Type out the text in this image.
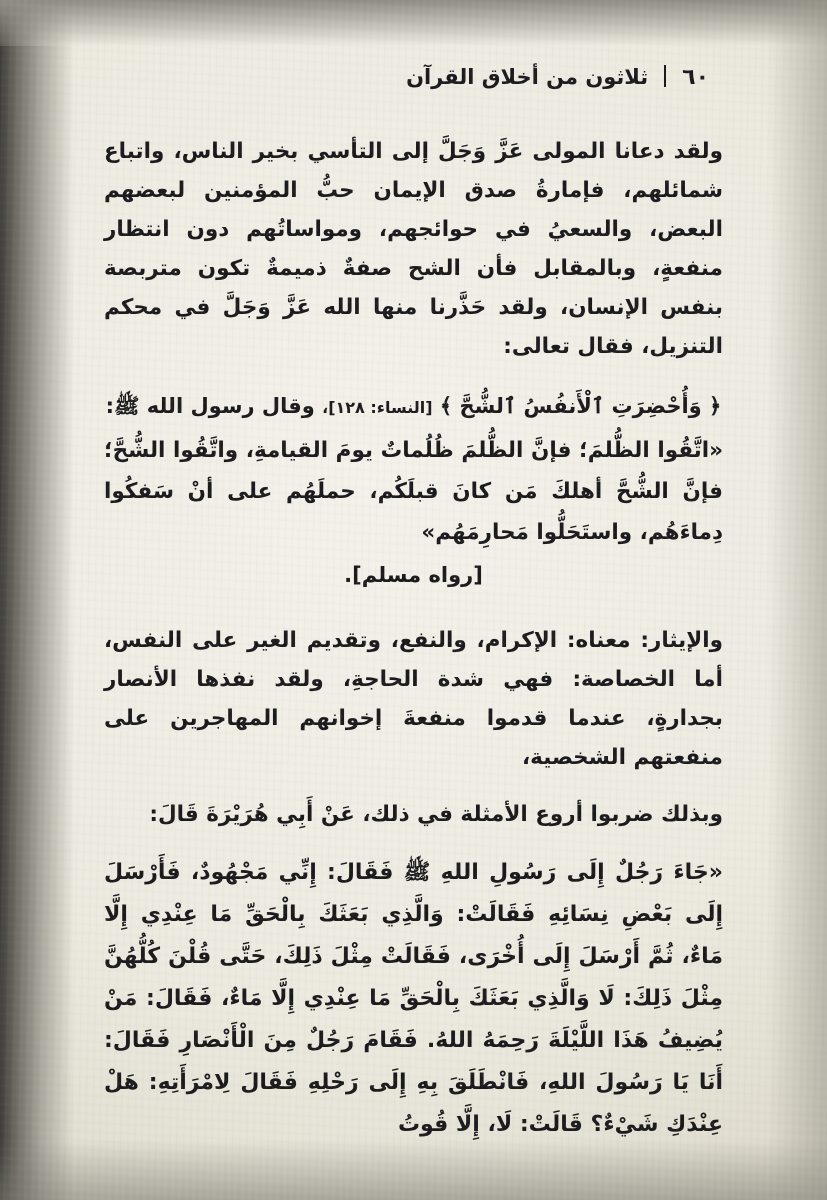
٦٠
ثلاثون من أخلاق القرآن

ولقد دعانا المولى عَزَّ وَجَلَّ إلى التأسي بخير الناس، واتباع شمائلهم، فإمارةُ صدق الإيمان حبُّ المؤمنين لبعضهم البعض، والسعيُ في حوائجهم، ومواساتُهم دون انتظار منفعةٍ، وبالمقابل فأن الشح صفةٌ ذميمةٌ تكون متربصة بنفس الإنسان، ولقد حَذَّرنا منها الله عَزَّ وَجَلَّ في محكم التنزيل، فقال تعالى:

﴿ وَأُحْضِرَتِ ٱلْأَنفُسُ ٱلشُّحَّ ﴾ [النساء: ١٢٨]، وقال رسول الله ﷺ:

«اتَّقُوا الظُّلمَ؛ فإنَّ الظُّلمَ ظُلُماتٌ يومَ القيامةِ، واتَّقُوا الشُّحَّ؛ فإنَّ الشُّحَّ أهلكَ مَن كانَ قبلَكُم، حملَهُم على أنْ سَفكُوا دِماءَهُم، واستَحَلُّوا مَحارِمَهُم»

[رواه مسلم].

والإيثار: معناه: الإكرام، والنفع، وتقديم الغير على النفس، أما الخصاصة: فهي شدة الحاجةِ، ولقد نفذها الأنصار بجدارةٍ، عندما قدموا منفعةَ إخوانهم المهاجرين على منفعتهم الشخصية،

وبذلك ضربوا أروع الأمثلة في ذلك، عَنْ أَبِي هُرَيْرَةَ قَالَ:

«جَاءَ رَجُلٌ إِلَى رَسُولِ اللهِ ﷺ فَقَالَ: إِنِّي مَجْهُودٌ، فَأَرْسَلَ إِلَى بَعْضِ نِسَائِهِ فَقَالَتْ: وَالَّذِي بَعَثَكَ بِالْحَقِّ مَا عِنْدِي إِلَّا مَاءٌ، ثُمَّ أَرْسَلَ إِلَى أُخْرَى، فَقَالَتْ مِثْلَ ذَلِكَ، حَتَّى قُلْنَ كُلُّهُنَّ مِثْلَ ذَلِكَ: لَا وَالَّذِي بَعَثَكَ بِالْحَقِّ مَا عِنْدِي إِلَّا مَاءٌ، فَقَالَ: مَنْ يُضِيفُ هَذَا اللَّيْلَةَ رَحِمَهُ اللهُ. فَقَامَ رَجُلٌ مِنَ الْأَنْصَارِ فَقَالَ: أَنَا يَا رَسُولَ اللهِ، فَانْطَلَقَ بِهِ إِلَى رَحْلِهِ فَقَالَ لِامْرَأَتِهِ: هَلْ عِنْدَكِ شَيْءٌ؟ قَالَتْ: لَا، إِلَّا قُوتُ
